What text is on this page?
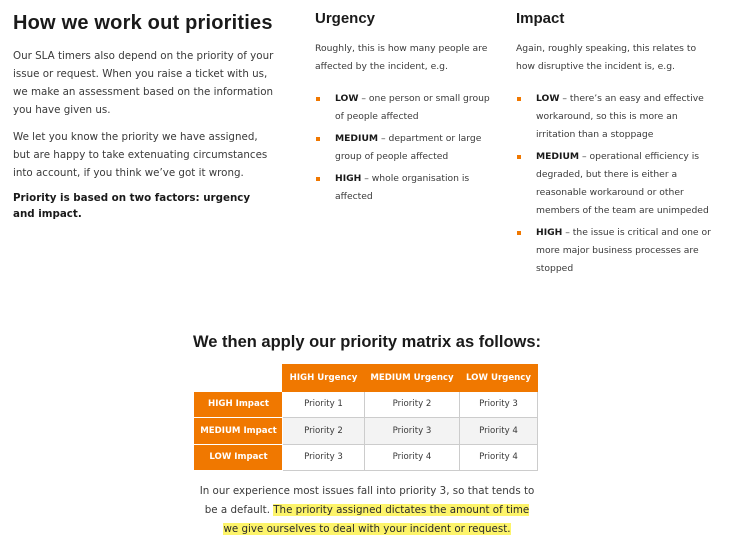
How we work out priorities

Our SLA timers also depend on the priority of your issue or request. When you raise a ticket with us, we make an assessment based on the information you have given us.

We let you know the priority we have assigned, but are happy to take extenuating circumstances into account, if you think we’ve got it wrong.

Priority is based on two factors: urgency and impact.

Urgency

Roughly, this is how many people are affected by the incident, e.g.

LOW – one person or small group of people affected
MEDIUM – department or large group of people affected
HIGH – whole organisation is affected
Impact

Again, roughly speaking, this relates to how disruptive the incident is, e.g.

LOW – there’s an easy and effective workaround, so this is more an irritation than a stoppage
MEDIUM – operational efficiency is degraded, but there is either a reasonable workaround or other members of the team are unimpeded
HIGH – the issue is critical and one or more major business processes are stopped
We then apply our priority matrix as follows:
	HIGH Urgency	MEDIUM Urgency	LOW Urgency
HIGH Impact	Priority 1	Priority 2	Priority 3
MEDIUM Impact	Priority 2	Priority 3	Priority 4
LOW Impact	Priority 3	Priority 4	Priority 4

In our experience most issues fall into priority 3, so that tends to be a default. The priority assigned dictates the amount of time we give ourselves to deal with your incident or request.
